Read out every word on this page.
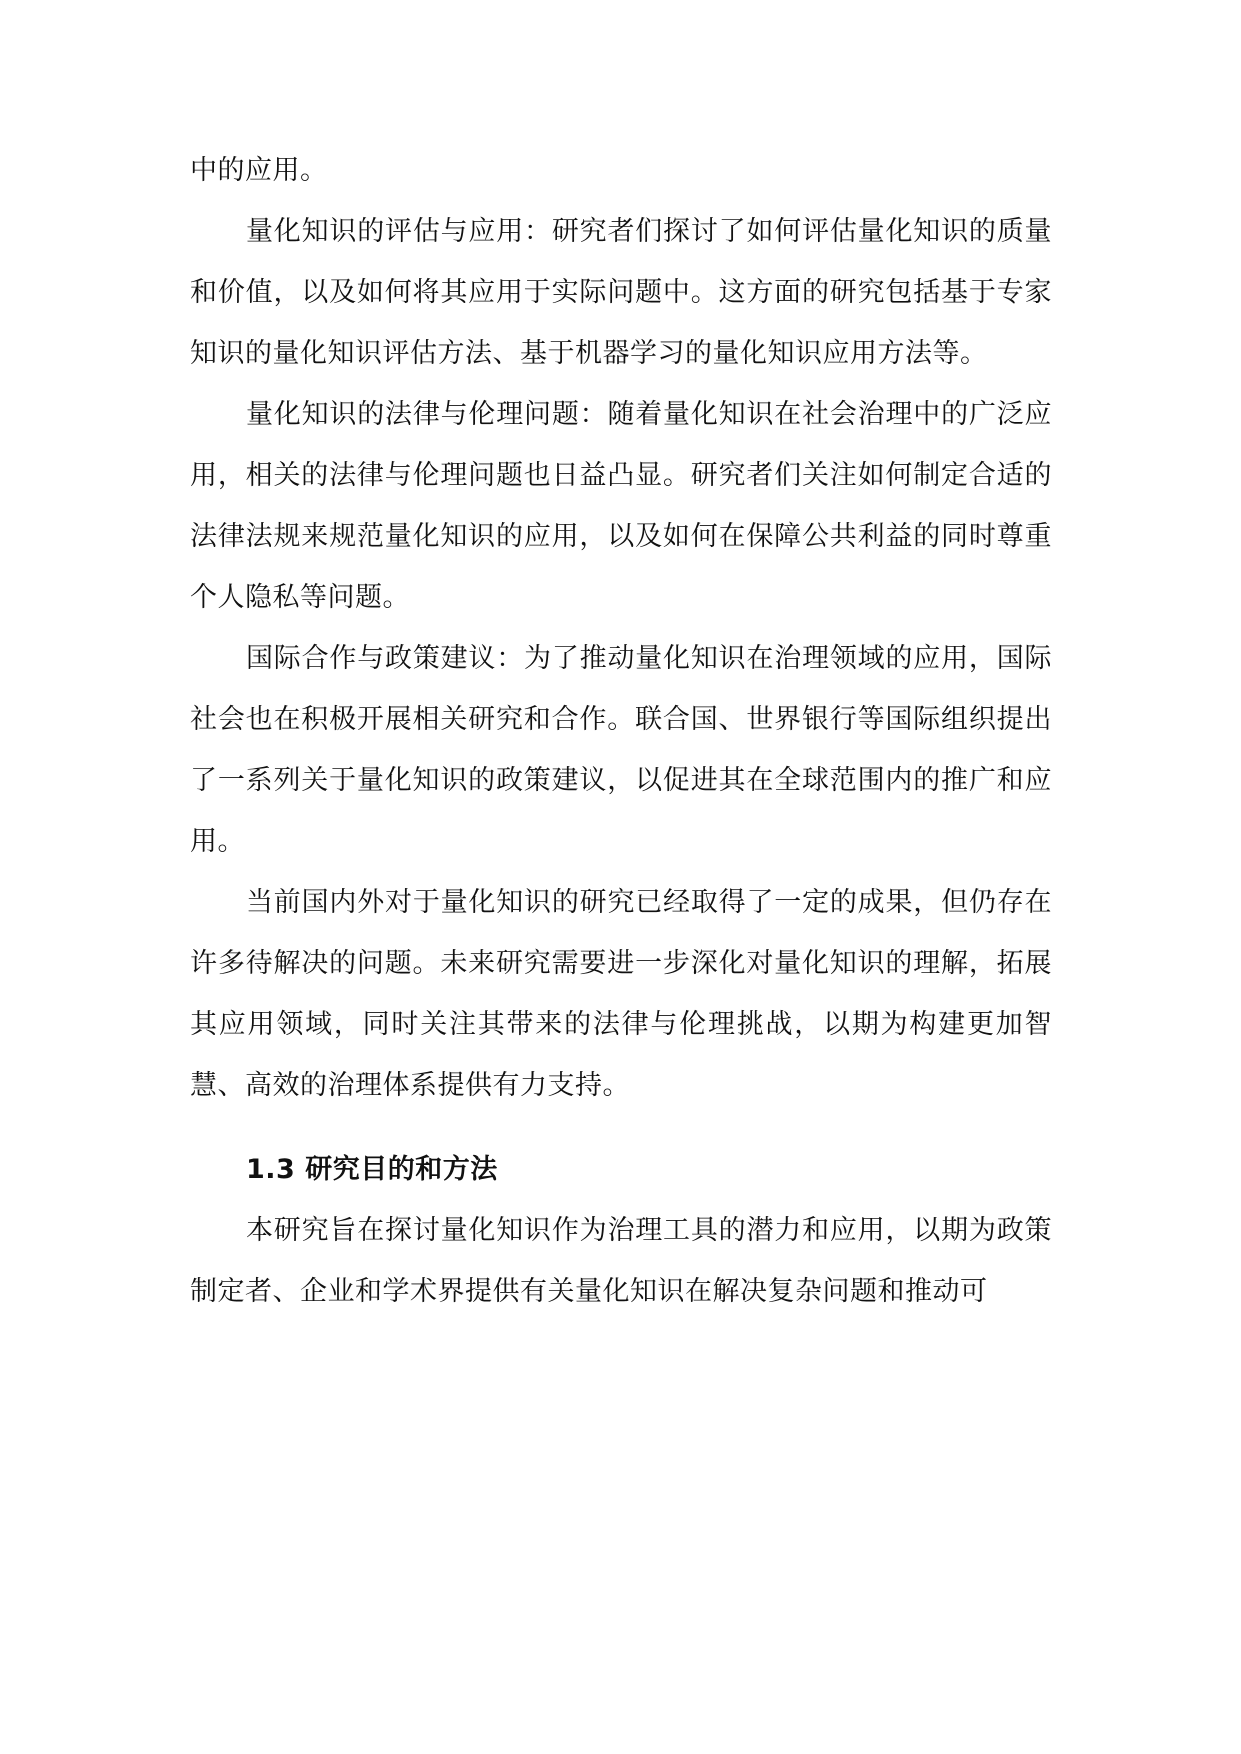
中的应用。

量化知识的评估与应用：研究者们探讨了如何评估量化知识的质量和价值，以及如何将其应用于实际问题中。这方面的研究包括基于专家知识的量化知识评估方法、基于机器学习的量化知识应用方法等。

量化知识的法律与伦理问题：随着量化知识在社会治理中的广泛应用，相关的法律与伦理问题也日益凸显。研究者们关注如何制定合适的法律法规来规范量化知识的应用，以及如何在保障公共利益的同时尊重个人隐私等问题。

国际合作与政策建议：为了推动量化知识在治理领域的应用，国际社会也在积极开展相关研究和合作。联合国、世界银行等国际组织提出了一系列关于量化知识的政策建议，以促进其在全球范围内的推广和应用。

当前国内外对于量化知识的研究已经取得了一定的成果，但仍存在许多待解决的问题。未来研究需要进一步深化对量化知识的理解，拓展其应用领域，同时关注其带来的法律与伦理挑战，以期为构建更加智慧、高效的治理体系提供有力支持。

1.3 研究目的和方法

本研究旨在探讨量化知识作为治理工具的潜力和应用，以期为政策制定者、企业和学术界提供有关量化知识在解决复杂问题和推动可
